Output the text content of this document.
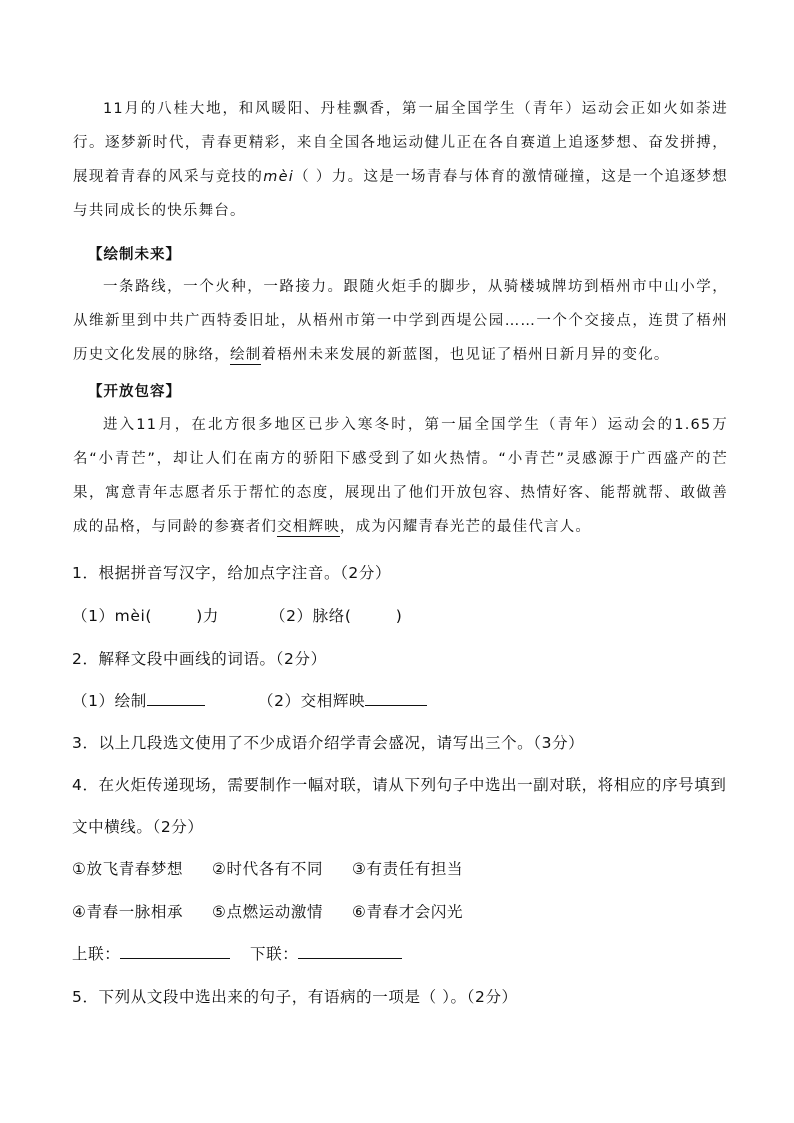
11月的八桂大地，和风暖阳、丹桂飘香，第一届全国学生（青年）运动会正如火如荼进行。逐梦新时代，青春更精彩，来自全国各地运动健儿正在各自赛道上追逐梦想、奋发拼搏，展现着青春的风采与竞技的mèi（ ）力。这是一场青春与体育的激情碰撞，这是一个追逐梦想与共同成长的快乐舞台。

【绘制未来】

一条路线，一个火种，一路接力。跟随火炬手的脚步，从骑楼城牌坊到梧州市中山小学，从维新里到中共广西特委旧址，从梧州市第一中学到西堤公园……一个个交接点，连贯了梧州历史文化发展的脉络，绘制着梧州未来发展的新蓝图，也见证了梧州日新月异的变化。

【开放包容】

进入11月，在北方很多地区已步入寒冬时，第一届全国学生（青年）运动会的1.65万名“小青芒”，却让人们在南方的骄阳下感受到了如火热情。“小青芒”灵感源于广西盛产的芒果，寓意青年志愿者乐于帮忙的态度，展现出了他们开放包容、热情好客、能帮就帮、敢做善成的品格，与同龄的参赛者们交相辉映，成为闪耀青春光芒的最佳代言人。

1．根据拼音写汉字，给加点字注音。（2分）

（1）mèi(        )力	（2）脉络(        )

2．解释文段中画线的词语。（2分）

（1）绘制	（2）交相辉映

3．以上几段选文使用了不少成语介绍学青会盛况，请写出三个。（3分）

4．在火炬传递现场，需要制作一幅对联，请从下列句子中选出一副对联，将相应的序号填到

文中横线。（2分）

①放飞青春梦想 ②时代各有不同 ③有责任有担当

④青春一脉相承 ⑤点燃运动激情 ⑥青春才会闪光

上联：	下联：

5．下列从文段中选出来的句子，有语病的一项是（ ）。（2分）
